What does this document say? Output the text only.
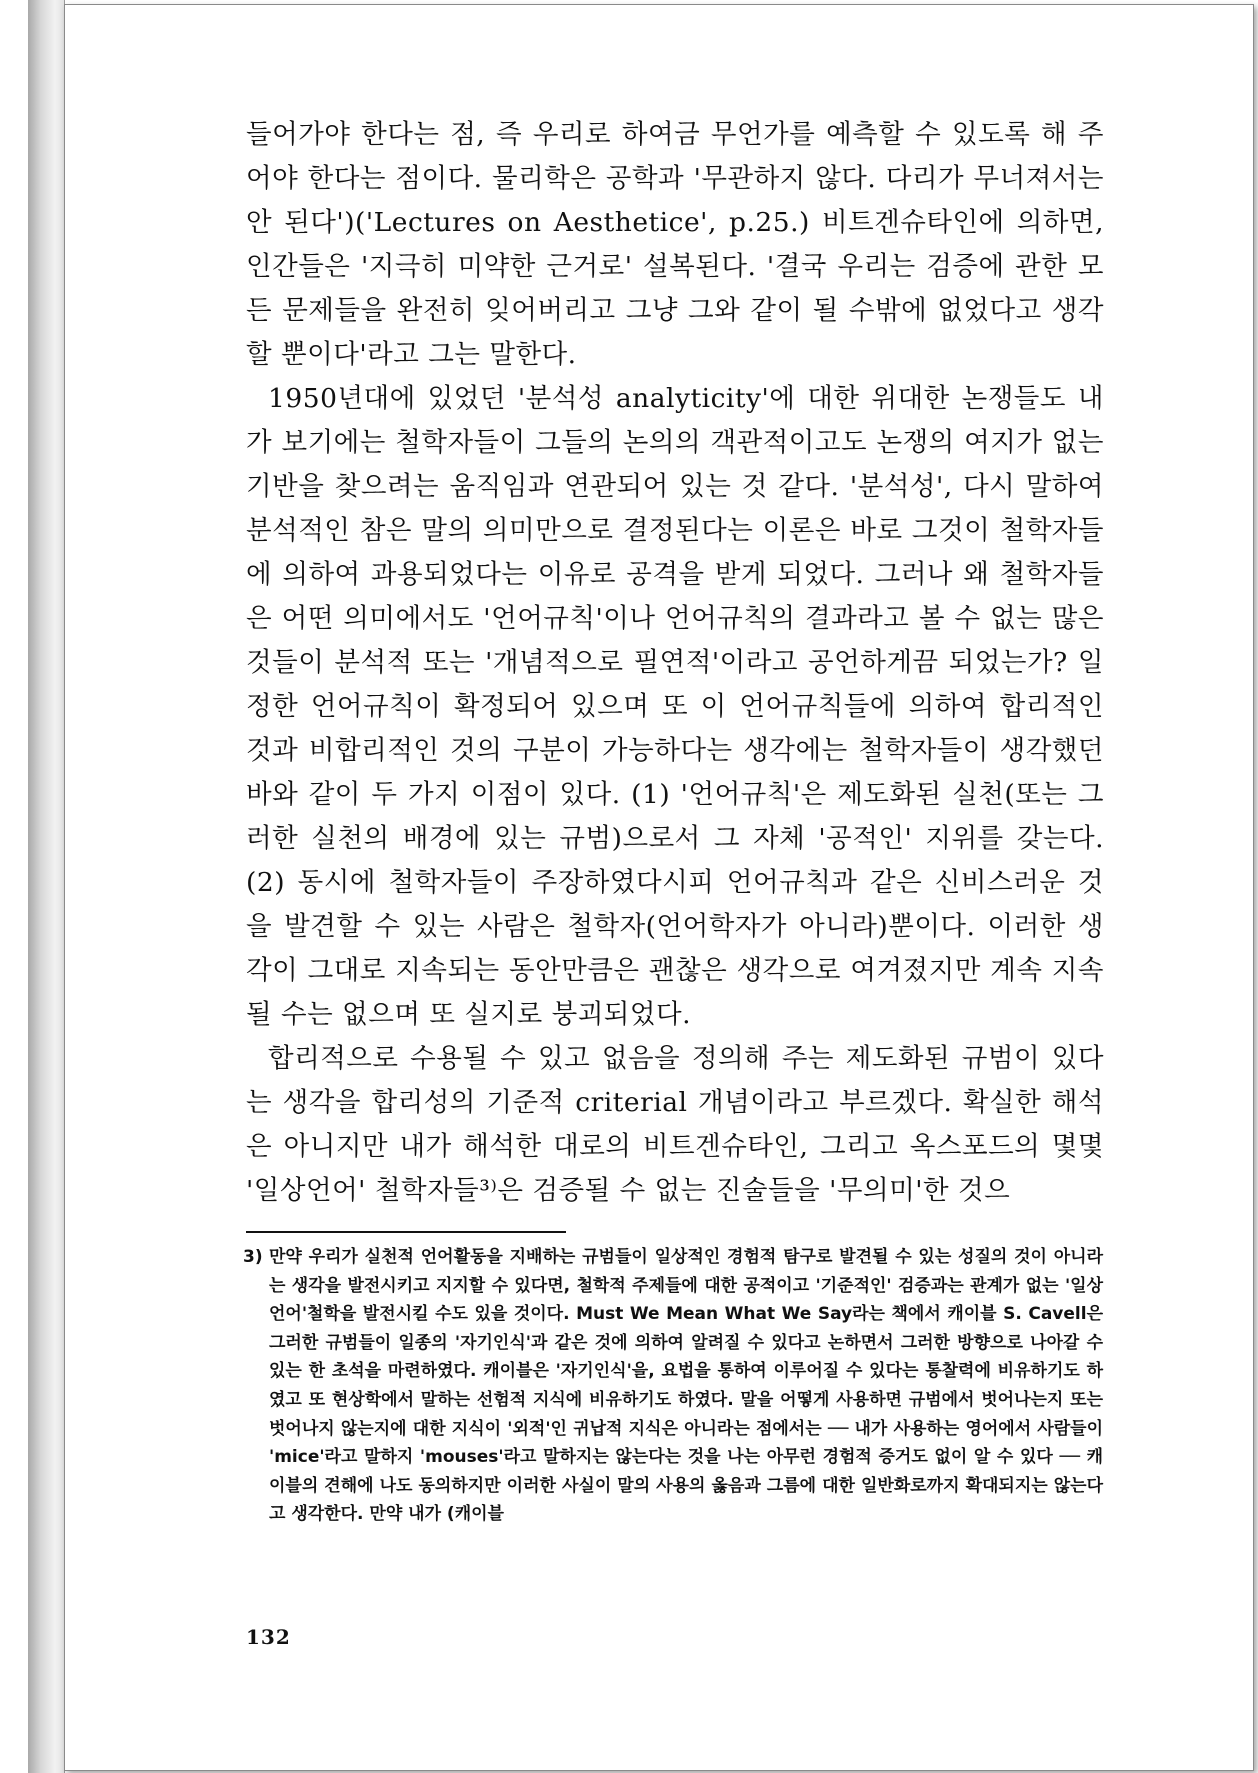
들어가야 한다는 점, 즉 우리로 하여금 무언가를 예측할 수 있도록 해 주어야 한다는 점이다. 물리학은 공학과 '무관하지 않다. 다리가 무너져서는 안 된다')('Lectures on Aesthetice', p.25.) 비트겐슈타인에 의하면, 인간들은 '지극히 미약한 근거로' 설복된다. '결국 우리는 검증에 관한 모든 문제들을 완전히 잊어버리고 그냥 그와 같이 될 수밖에 없었다고 생각할 뿐이다'라고 그는 말한다.

1950년대에 있었던 '분석성 analyticity'에 대한 위대한 논쟁들도 내가 보기에는 철학자들이 그들의 논의의 객관적이고도 논쟁의 여지가 없는 기반을 찾으려는 움직임과 연관되어 있는 것 같다. '분석성', 다시 말하여 분석적인 참은 말의 의미만으로 결정된다는 이론은 바로 그것이 철학자들에 의하여 과용되었다는 이유로 공격을 받게 되었다. 그러나 왜 철학자들은 어떤 의미에서도 '언어규칙'이나 언어규칙의 결과라고 볼 수 없는 많은 것들이 분석적 또는 '개념적으로 필연적'이라고 공언하게끔 되었는가? 일정한 언어규칙이 확정되어 있으며 또 이 언어규칙들에 의하여 합리적인 것과 비합리적인 것의 구분이 가능하다는 생각에는 철학자들이 생각했던 바와 같이 두 가지 이점이 있다. (1) '언어규칙'은 제도화된 실천(또는 그러한 실천의 배경에 있는 규범)으로서 그 자체 '공적인' 지위를 갖는다. (2) 동시에 철학자들이 주장하였다시피 언어규칙과 같은 신비스러운 것을 발견할 수 있는 사람은 철학자(언어학자가 아니라)뿐이다. 이러한 생각이 그대로 지속되는 동안만큼은 괜찮은 생각으로 여겨졌지만 계속 지속될 수는 없으며 또 실지로 붕괴되었다.

합리적으로 수용될 수 있고 없음을 정의해 주는 제도화된 규범이 있다는 생각을 합리성의 기준적 criterial 개념이라고 부르겠다. 확실한 해석은 아니지만 내가 해석한 대로의 비트겐슈타인, 그리고 옥스포드의 몇몇 '일상언어' 철학자들³⁾은 검증될 수 없는 진술들을 '무의미'한 것으

3) 만약 우리가 실천적 언어활동을 지배하는 규범들이 일상적인 경험적 탐구로 발견될 수 있는 성질의 것이 아니라는 생각을 발전시키고 지지할 수 있다면, 철학적 주제들에 대한 공적이고 '기준적인' 검증과는 관계가 없는 '일상언어'철학을 발전시킬 수도 있을 것이다. Must We Mean What We Say라는 책에서 캐이블 S. Cavell은 그러한 규범들이 일종의 '자기인식'과 같은 것에 의하여 알려질 수 있다고 논하면서 그러한 방향으로 나아갈 수 있는 한 초석을 마련하였다. 캐이블은 '자기인식'을, 요법을 통하여 이루어질 수 있다는 통찰력에 비유하기도 하였고 또 현상학에서 말하는 선험적 지식에 비유하기도 하였다. 말을 어떻게 사용하면 규범에서 벗어나는지 또는 벗어나지 않는지에 대한 지식이 '외적'인 귀납적 지식은 아니라는 점에서는 ── 내가 사용하는 영어에서 사람들이 'mice'라고 말하지 'mouses'라고 말하지는 않는다는 것을 나는 아무런 경험적 증거도 없이 알 수 있다 ── 캐이블의 견해에 나도 동의하지만 이러한 사실이 말의 사용의 옳음과 그름에 대한 일반화로까지 확대되지는 않는다고 생각한다. 만약 내가 (캐이블
132
